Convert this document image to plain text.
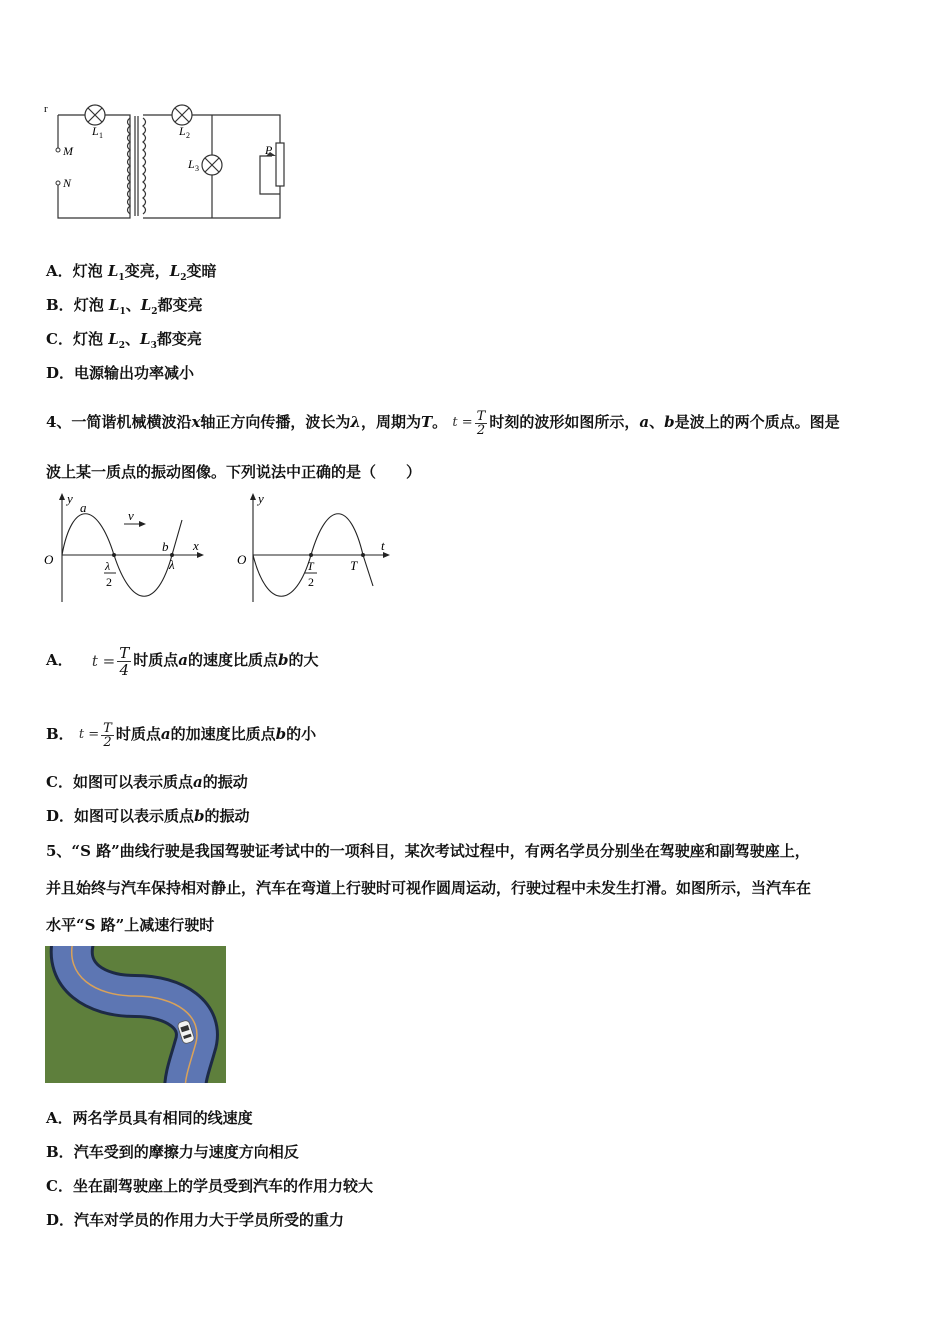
r
M
N
L 1	L 2
L 3
P
A．灯泡 $L_1$变亮，$L_2$变暗
B．灯泡 $L_1$、$L_2$都变亮
C．灯泡 $L_2$、$L_3$都变亮
D．电源输出功率减小
4、一简谐机械横波沿x轴正方向传播，波长为λ，周期为T。 $t = \frac{T}{2}$ 时刻的波形如图所示，a、b是波上的两个质点。图是
波上某一质点的振动图像。下列说法中正确的是（　　）
y
a
v
O
x
b
λ
λ
2
y
O
t
T
2
T
A． $t = \frac{T}{4}$ 时质点a的速度比质点b的大
B． $t = \frac{T}{2}$ 时质点a的加速度比质点b的小
C．如图可以表示质点a的振动
D．如图可以表示质点b的振动
5、“S 路”曲线行驶是我国驾驶证考试中的一项科目，某次考试过程中，有两名学员分别坐在驾驶座和副驾驶座上，
并且始终与汽车保持相对静止，汽车在弯道上行驶时可视作圆周运动，行驶过程中未发生打滑。如图所示，当汽车在
水平“S 路”上减速行驶时
A．两名学员具有相同的线速度
B．汽车受到的摩擦力与速度方向相反
C．坐在副驾驶座上的学员受到汽车的作用力较大
D．汽车对学员的作用力大于学员所受的重力
